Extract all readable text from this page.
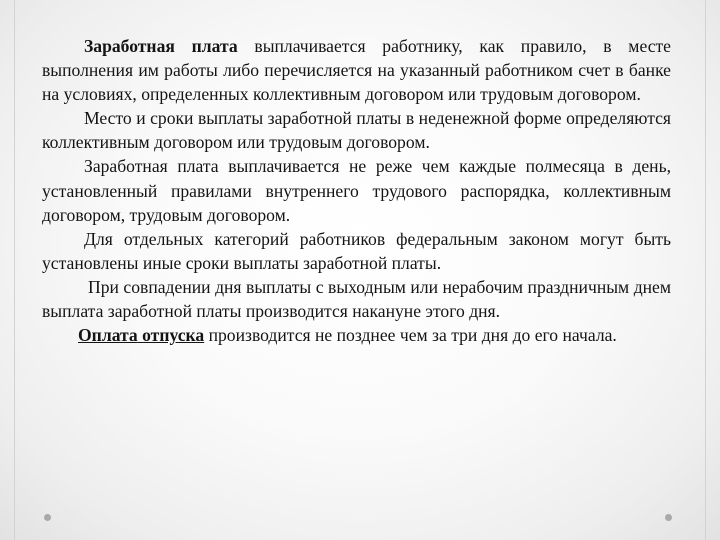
Заработная плата выплачивается работнику, как правило, в месте выполнения им работы либо перечисляется на указанный работником счет в банке на условиях, определенных коллективным договором или трудовым договором.

Место и сроки выплаты заработной платы в неденежной форме определяются коллективным договором или трудовым договором.

Заработная плата выплачивается не реже чем каждые полмесяца в день, установленный правилами внутреннего трудового распорядка, коллективным договором, трудовым договором.

Для отдельных категорий работников федеральным законом могут быть установлены иные сроки выплаты заработной платы.

При совпадении дня выплаты с выходным или нерабочим праздничным днем выплата заработной платы производится накануне этого дня.

Оплата отпуска производится не позднее чем за три дня до его начала.
